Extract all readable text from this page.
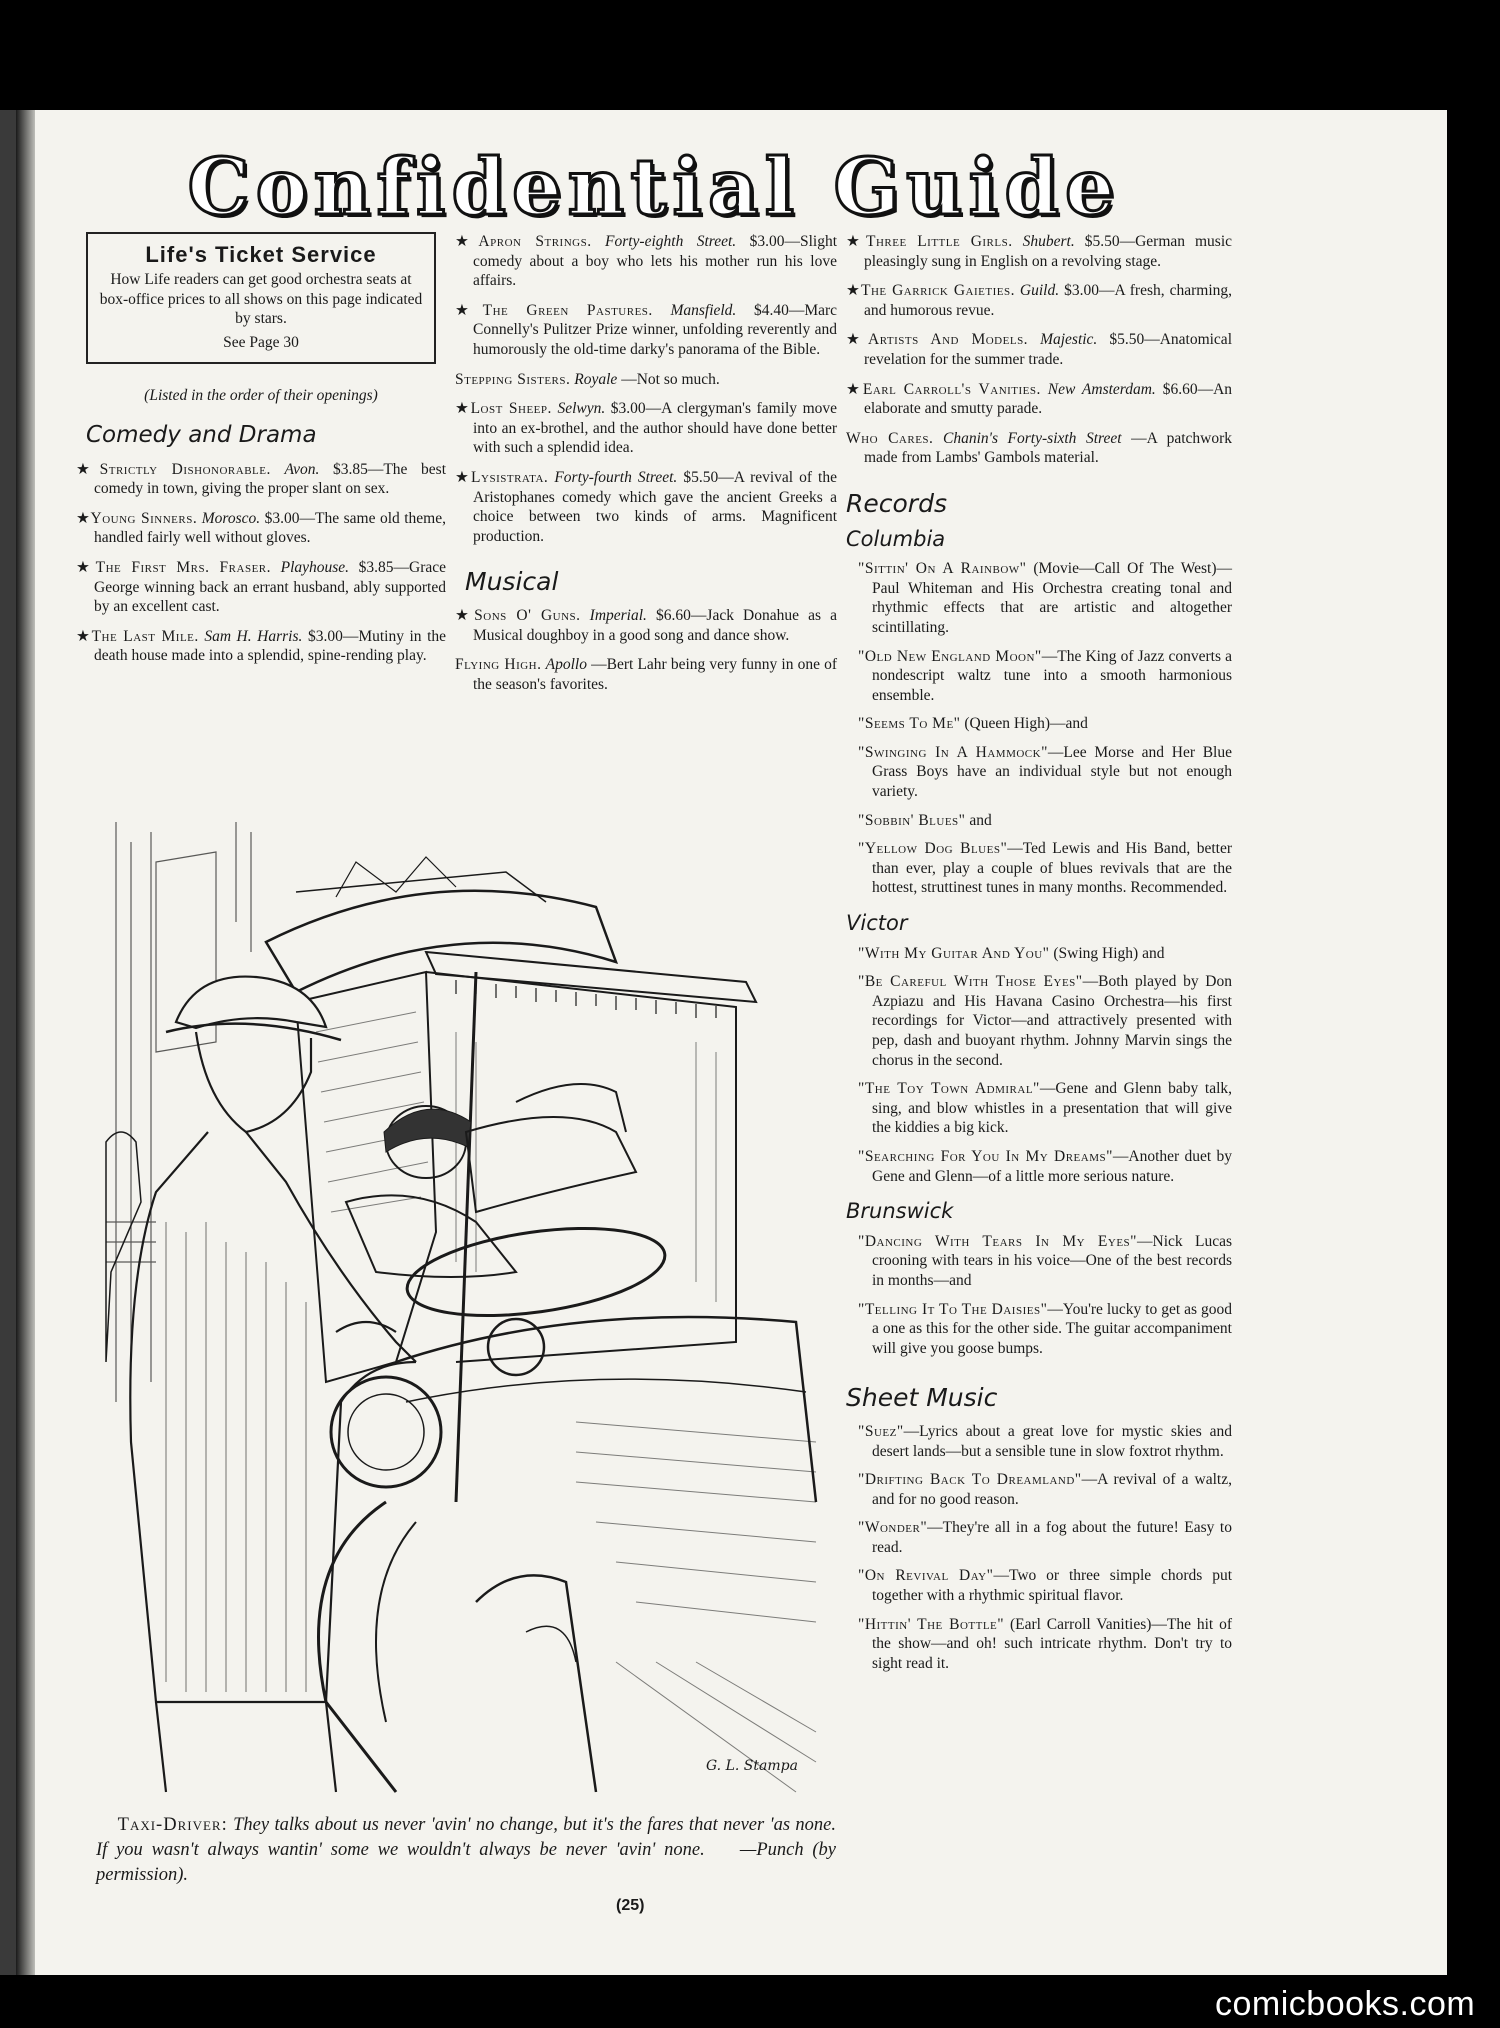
Confidential Guide
Life's Ticket Service
How Life readers can get good orchestra seats at box-office prices to all shows on this page indicated by stars.
See Page 30
(Listed in the order of their openings)
Comedy and Drama
★Strictly Dishonorable. Avon. $3.85—The best comedy in town, giving the proper slant on sex.
★Young Sinners. Morosco. $3.00—The same old theme, handled fairly well without gloves.
★The First Mrs. Fraser. Playhouse. $3.85—Grace George winning back an errant husband, ably supported by an excellent cast.
★The Last Mile. Sam H. Harris. $3.00—Mutiny in the death house made into a splendid, spine-rending play.
★Apron Strings. Forty-eighth Street. $3.00—Slight comedy about a boy who lets his mother run his love affairs.
★The Green Pastures. Mansfield. $4.40—Marc Connelly's Pulitzer Prize winner, unfolding reverently and humorously the old-time darky's panorama of the Bible.
Stepping Sisters. Royale —Not so much.
★Lost Sheep. Selwyn. $3.00—A clergyman's family move into an ex-brothel, and the author should have done better with such a splendid idea.
★Lysistrata. Forty-fourth Street. $5.50—A revival of the Aristophanes comedy which gave the ancient Greeks a choice between two kinds of arms. Magnificent production.
Musical
★Sons O' Guns. Imperial. $6.60—Jack Donahue as a Musical doughboy in a good song and dance show.
Flying High. Apollo —Bert Lahr being very funny in one of the season's favorites.
★Three Little Girls. Shubert. $5.50—German music pleasingly sung in English on a revolving stage.
★The Garrick Gaieties. Guild. $3.00—A fresh, charming, and humorous revue.
★Artists And Models. Majestic. $5.50—Anatomical revelation for the summer trade.
★Earl Carroll's Vanities. New Amsterdam. $6.60—An elaborate and smutty parade.
Who Cares. Chanin's Forty-sixth Street —A patchwork made from Lambs' Gambols material.
Records
Columbia
"Sittin' On A Rainbow" (Movie—Call Of The West)—Paul Whiteman and His Orchestra creating tonal and rhythmic effects that are artistic and altogether scintillating.
"Old New England Moon"—The King of Jazz converts a nondescript waltz tune into a smooth harmonious ensemble.
"Seems To Me" (Queen High)—and
"Swinging In A Hammock"—Lee Morse and Her Blue Grass Boys have an individual style but not enough variety.
"Sobbin' Blues" and
"Yellow Dog Blues"—Ted Lewis and His Band, better than ever, play a couple of blues revivals that are the hottest, struttinest tunes in many months. Recommended.
Victor
"With My Guitar And You" (Swing High) and
"Be Careful With Those Eyes"—Both played by Don Azpiazu and His Havana Casino Orchestra—his first recordings for Victor—and attractively presented with pep, dash and buoyant rhythm. Johnny Marvin sings the chorus in the second.
"The Toy Town Admiral"—Gene and Glenn baby talk, sing, and blow whistles in a presentation that will give the kiddies a big kick.
"Searching For You In My Dreams"—Another duet by Gene and Glenn—of a little more serious nature.
Brunswick
"Dancing With Tears In My Eyes"—Nick Lucas crooning with tears in his voice—One of the best records in months—and
"Telling It To The Daisies"—You're lucky to get as good a one as this for the other side. The guitar accompaniment will give you goose bumps.
Sheet Music
"Suez"—Lyrics about a great love for mystic skies and desert lands—but a sensible tune in slow foxtrot rhythm.
"Drifting Back To Dreamland"—A revival of a waltz, and for no good reason.
"Wonder"—They're all in a fog about the future! Easy to read.
"On Revival Day"—Two or three simple chords put together with a rhythmic spiritual flavor.
"Hittin' The Bottle" (Earl Carroll Vanities)—The hit of the show—and oh! such intricate rhythm. Don't try to sight read it.
G. L. Stampa
Taxi-Driver: They talks about us never 'avin' no change, but it's the fares that never 'as none. If you wasn't always wantin' some we wouldn't always be never 'avin' none. —Punch (by permission).
(25)
comicbooks.com
